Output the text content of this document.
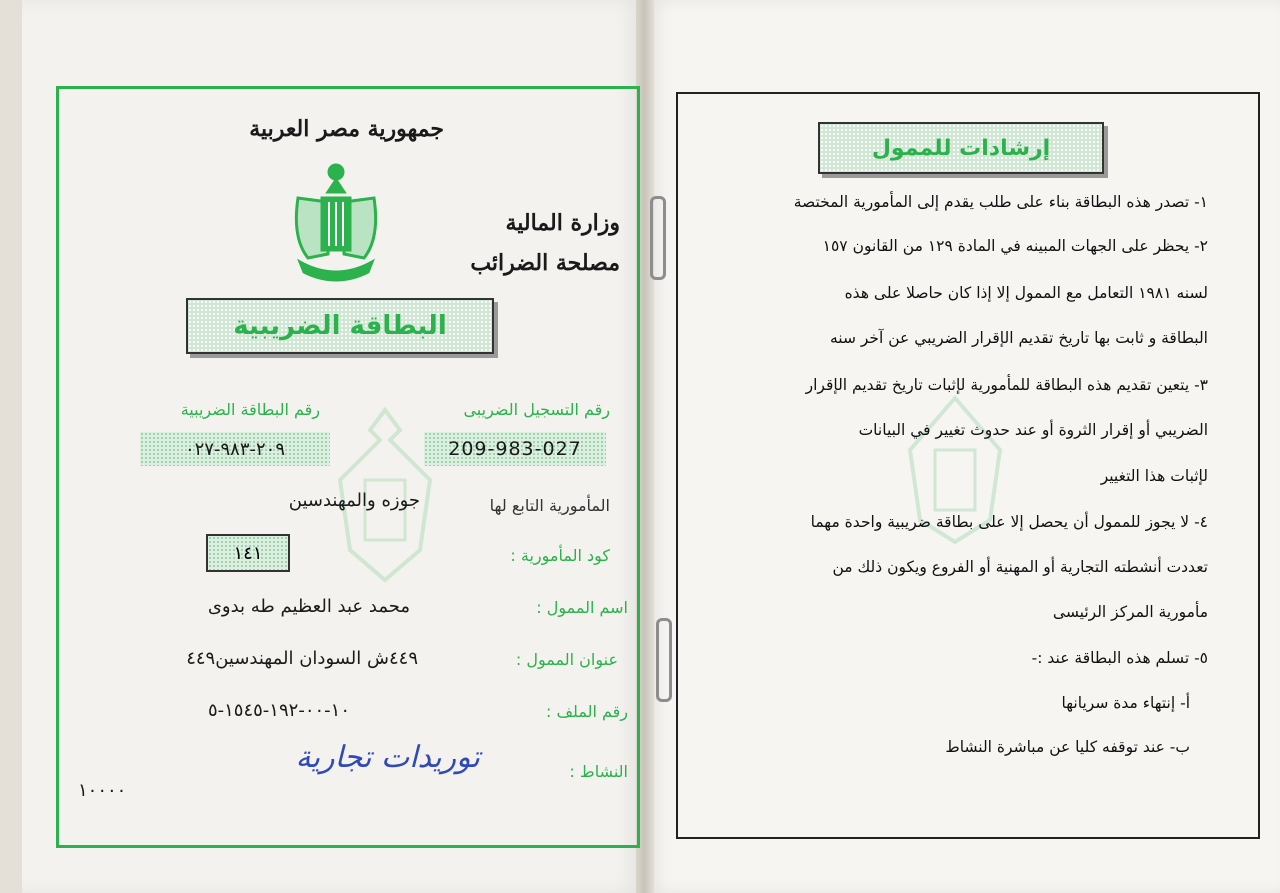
جمهورية مصر العربية
وزارة المالية
مصلحة الضرائب
البطاقة الضريبية
رقم التسجيل الضريبى
رقم البطاقة الضريبية
209-983-027
٢٠٩-٩٨٣-٠٢٧
المأمورية التابع لها
جوزه والمهندسين
كود المأمورية :
١٤١
اسم الممول :
محمد عبد العظيم طه بدوى
عنوان الممول :
٤٤٩ش السودان المهندسين٤٤٩
رقم الملف :
١٠-٠٠-١٩٢-١٥٤٥-٥
النشاط :
توريدات تجارية
١٠٠٠٠
إرشادات للممول
١- تصدر هذه البطاقة بناء على طلب يقدم إلى المأمورية المختصة
٢- يحظر على الجهات المبينه في المادة ١٢٩ من القانون ١٥٧
لسنه ١٩٨١ التعامل مع الممول إلا إذا كان حاصلا على هذه
البطاقة و ثابت بها تاريخ تقديم الإقرار الضريبي عن آخر سنه
٣- يتعين تقديم هذه البطاقة للمأمورية لإثبات تاريخ تقديم الإقرار
الضريبي أو إقرار الثروة أو عند حدوث تغيير في البيانات
لإثبات هذا التغيير
٤- لا يجوز للممول أن يحصل إلا على بطاقة ضريبية واحدة مهما
تعددت أنشطته التجارية أو المهنية أو الفروع ويكون ذلك من
مأمورية المركز الرئيسى
٥- تسلم هذه البطاقة عند :-
أ- إنتهاء مدة سريانها
ب- عند توقفه كليا عن مباشرة النشاط
